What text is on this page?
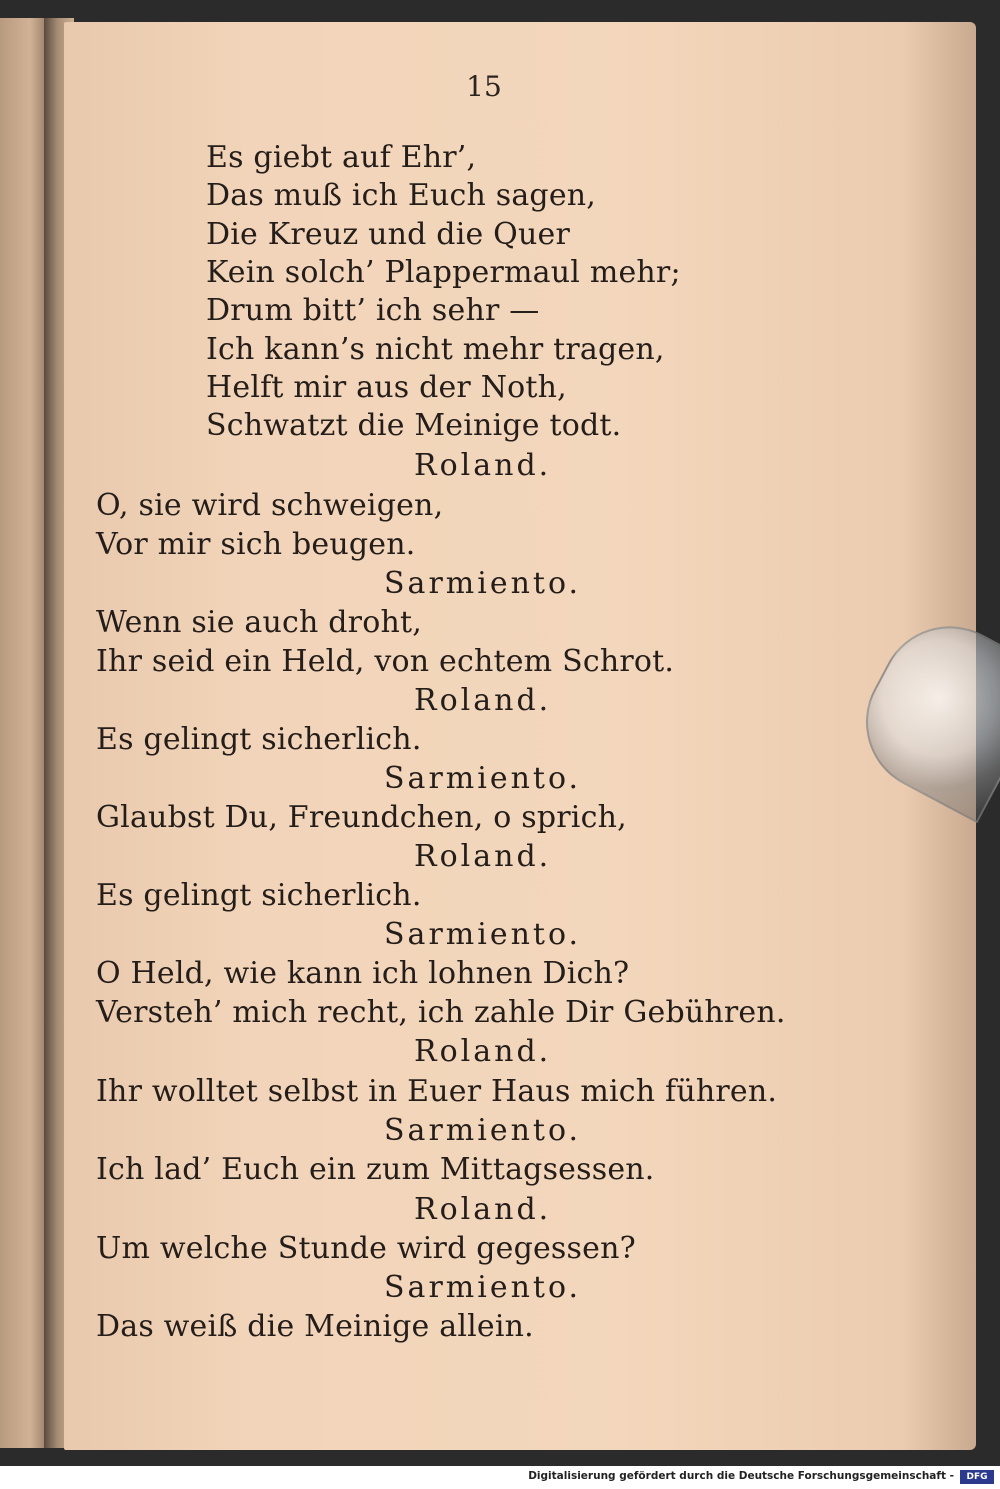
15
Es giebt auf Ehr’,
Das muß ich Euch sagen,
Die Kreuz und die Quer
Kein solch’ Plappermaul mehr;
Drum bitt’ ich sehr —
Ich kann’s nicht mehr tragen,
Helft mir aus der Noth,
Schwatzt die Meinige todt.
Roland.
O, sie wird schweigen,
Vor mir sich beugen.
Sarmiento.
Wenn sie auch droht,
Ihr seid ein Held, von echtem Schrot.
Roland.
Es gelingt sicherlich.
Sarmiento.
Glaubst Du, Freundchen, o sprich,
Roland.
Es gelingt sicherlich.
Sarmiento.
O Held, wie kann ich lohnen Dich?
Versteh’ mich recht, ich zahle Dir Gebühren.
Roland.
Ihr wolltet selbst in Euer Haus mich führen.
Sarmiento.
Ich lad’ Euch ein zum Mittagsessen.
Roland.
Um welche Stunde wird gegessen?
Sarmiento.
Das weiß die Meinige allein.
Digitalisierung gefördert durch die Deutsche Forschungsgemeinschaft -	DFG
